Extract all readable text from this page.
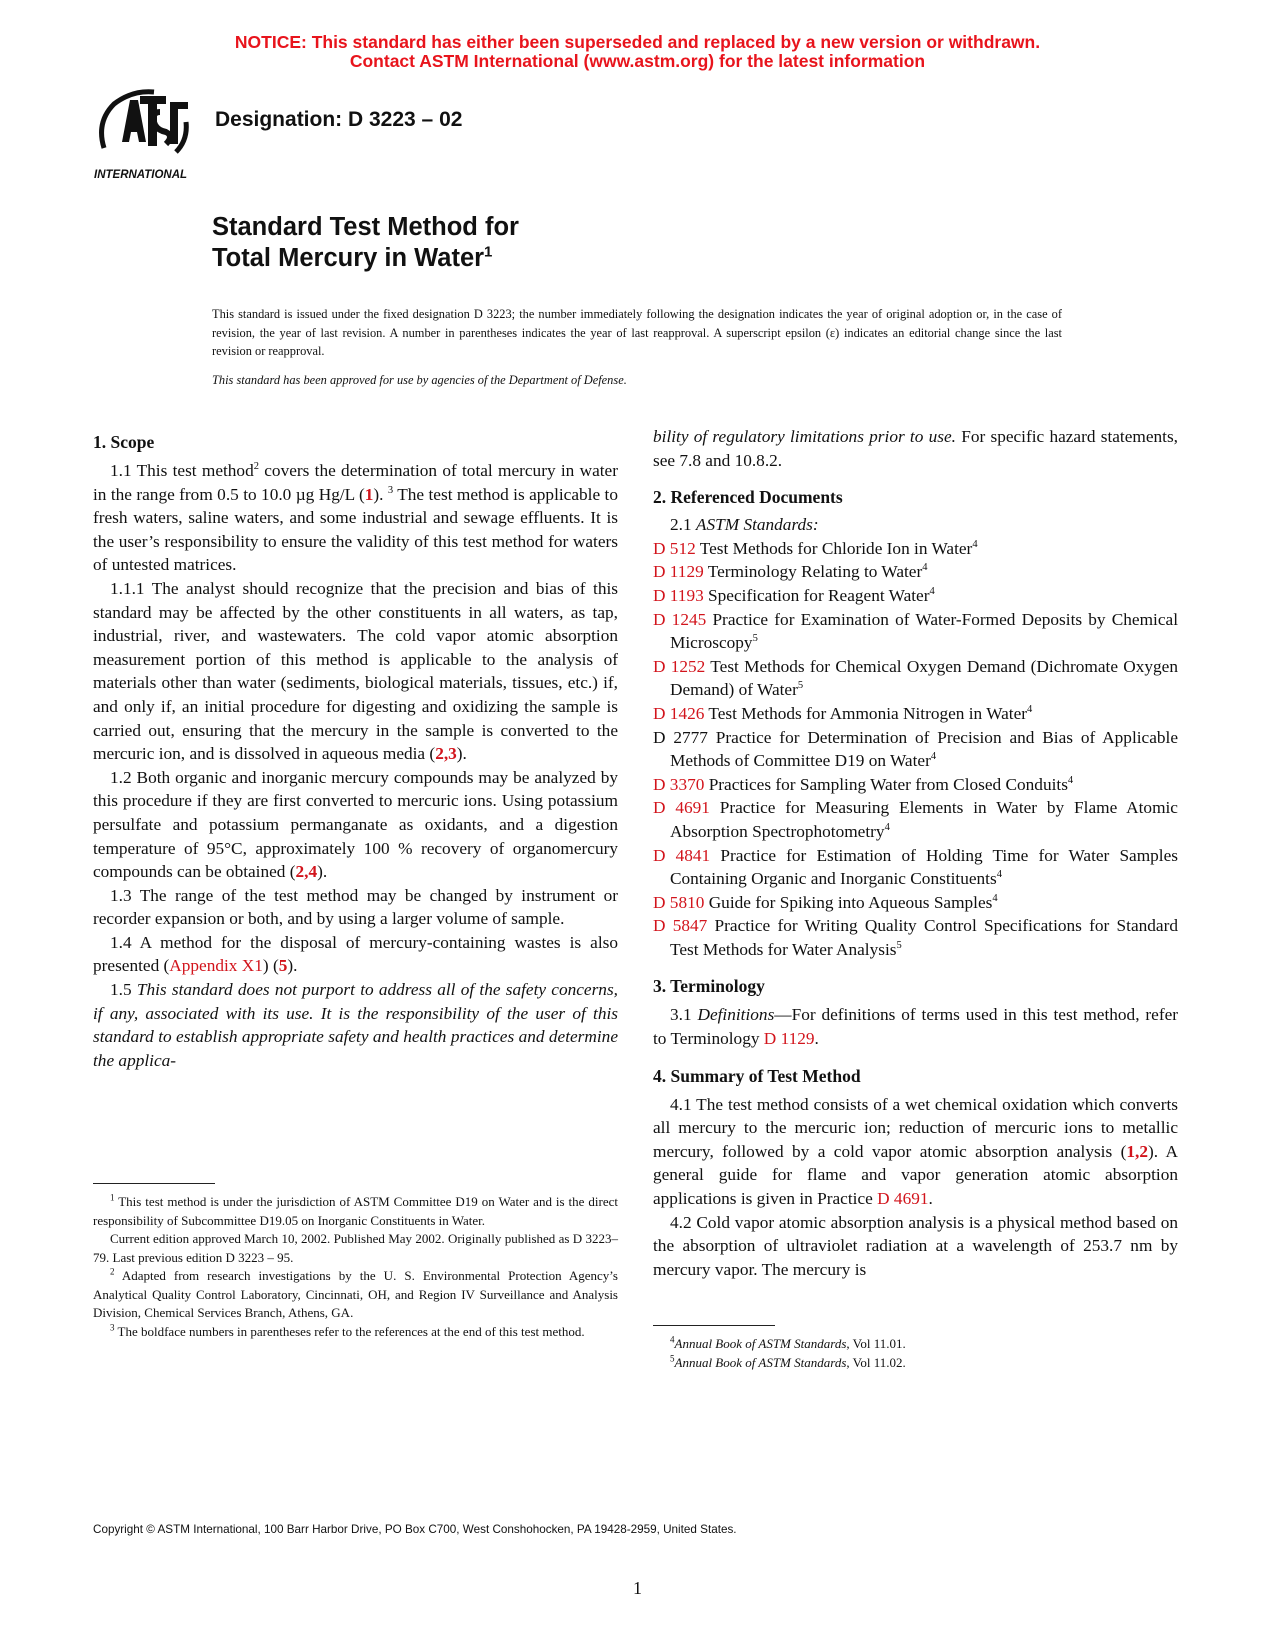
NOTICE: This standard has either been superseded and replaced by a new version or withdrawn.
Contact ASTM International (www.astm.org) for the latest information
INTERNATIONAL
Designation: D 3223 – 02
Standard Test Method for
Total Mercury in Water$^1$
This standard is issued under the fixed designation D 3223; the number immediately following the designation indicates the year of original adoption or, in the case of revision, the year of last revision. A number in parentheses indicates the year of last reapproval. A superscript epsilon (ε) indicates an editorial change since the last revision or reapproval.
This standard has been approved for use by agencies of the Department of Defense.
1. Scope

1.1 This test method$^2$ covers the determination of total mercury in water in the range from 0.5 to 10.0 µg Hg/L (1). $^3$ The test method is applicable to fresh waters, saline waters, and some industrial and sewage effluents. It is the user’s responsibility to ensure the validity of this test method for waters of untested matrices.

1.1.1 The analyst should recognize that the precision and bias of this standard may be affected by the other constituents in all waters, as tap, industrial, river, and wastewaters. The cold vapor atomic absorption measurement portion of this method is applicable to the analysis of materials other than water (sediments, biological materials, tissues, etc.) if, and only if, an initial procedure for digesting and oxidizing the sample is carried out, ensuring that the mercury in the sample is converted to the mercuric ion, and is dissolved in aqueous media (2,3).

1.2 Both organic and inorganic mercury compounds may be analyzed by this procedure if they are first converted to mercuric ions. Using potassium persulfate and potassium permanganate as oxidants, and a digestion temperature of 95°C, approximately 100 % recovery of organomercury compounds can be obtained (2,4).

1.3 The range of the test method may be changed by instrument or recorder expansion or both, and by using a larger volume of sample.

1.4 A method for the disposal of mercury-containing wastes is also presented (Appendix X1) (5).

1.5 This standard does not purport to address all of the safety concerns, if any, associated with its use. It is the responsibility of the user of this standard to establish appropriate safety and health practices and determine the applica-

$^1$ This test method is under the jurisdiction of ASTM Committee D19 on Water and is the direct responsibility of Subcommittee D19.05 on Inorganic Constituents in Water.

Current edition approved March 10, 2002. Published May 2002. Originally published as D 3223–79. Last previous edition D 3223 – 95.

$^2$ Adapted from research investigations by the U. S. Environmental Protection Agency’s Analytical Quality Control Laboratory, Cincinnati, OH, and Region IV Surveillance and Analysis Division, Chemical Services Branch, Athens, GA.

$^3$ The boldface numbers in parentheses refer to the references at the end of this test method.

bility of regulatory limitations prior to use. For specific hazard statements, see 7.8 and 10.8.2.

2. Referenced Documents

2.1 ASTM Standards:

D 512 Test Methods for Chloride Ion in Water$^4$

D 1129 Terminology Relating to Water$^4$

D 1193 Specification for Reagent Water$^4$

D 1245 Practice for Examination of Water-Formed Deposits by Chemical Microscopy$^5$

D 1252 Test Methods for Chemical Oxygen Demand (Dichromate Oxygen Demand) of Water$^5$

D 1426 Test Methods for Ammonia Nitrogen in Water$^4$

D 2777 Practice for Determination of Precision and Bias of Applicable Methods of Committee D19 on Water$^4$

D 3370 Practices for Sampling Water from Closed Conduits$^4$

D 4691 Practice for Measuring Elements in Water by Flame Atomic Absorption Spectrophotometry$^4$

D 4841 Practice for Estimation of Holding Time for Water Samples Containing Organic and Inorganic Constituents$^4$

D 5810 Guide for Spiking into Aqueous Samples$^4$

D 5847 Practice for Writing Quality Control Specifications for Standard Test Methods for Water Analysis$^5$

3. Terminology

3.1 Definitions—For definitions of terms used in this test method, refer to Terminology D 1129.

4. Summary of Test Method

4.1 The test method consists of a wet chemical oxidation which converts all mercury to the mercuric ion; reduction of mercuric ions to metallic mercury, followed by a cold vapor atomic absorption analysis (1,2). A general guide for flame and vapor generation atomic absorption applications is given in Practice D 4691.

4.2 Cold vapor atomic absorption analysis is a physical method based on the absorption of ultraviolet radiation at a wavelength of 253.7 nm by mercury vapor. The mercury is

$^4$Annual Book of ASTM Standards, Vol 11.01.

$^5$Annual Book of ASTM Standards, Vol 11.02.

Copyright © ASTM International, 100 Barr Harbor Drive, PO Box C700, West Conshohocken, PA 19428-2959, United States.
1
